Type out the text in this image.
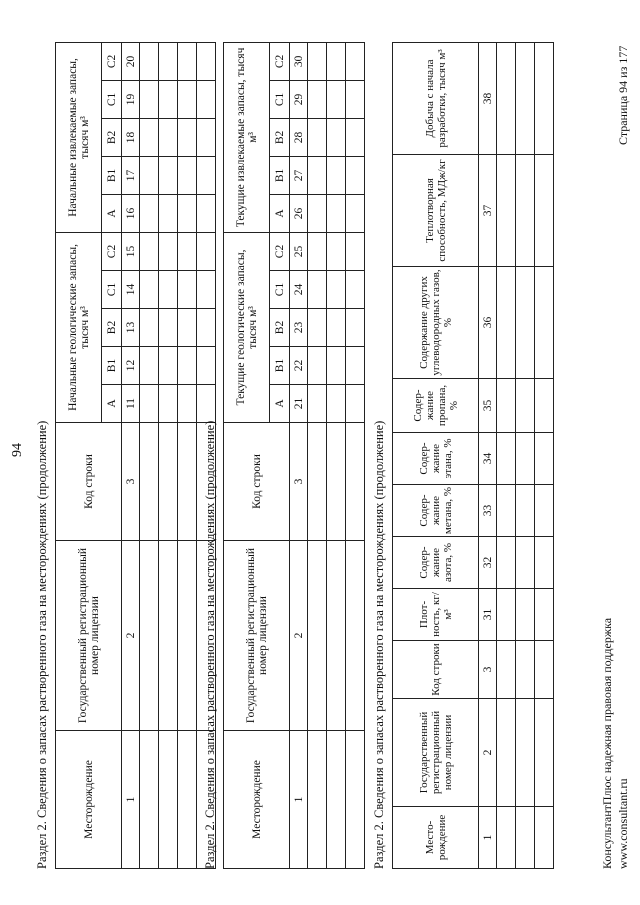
94 Раздел 2. Сведения о запасах растворенного газа на месторождениях (продолжение)	Месторождение	Государственный регистрационный номер лицензии	Код строки	Начальные геологические запасы, тысяч м³					Начальные извлекаемые запасы, тысяч м³				
			А	В1	В2	С1	С2	А	В1	В2	С1	С2
1	2	3	11	12	13	14	15	16	17	18	19	20

Раздел 2. Сведения о запасах растворенного газа на месторождениях (продолжение)	Месторождение	Государственный регистрационный номер лицензии	Код строки	Текущие геологические запасы, тысяч м³					Текущие извлекаемые запасы, тысяч м³				
			А	В1	В2	С1	С2	А	В1	В2	С1	С2
1	2	3	21	22	23	24	25	26	27	28	29	30

Раздел 2. Сведения о запасах растворенного газа на месторождениях (продолжение)	Место-рождение	Государственный регистрационный номер лицензии	Код строки	Плот-ность, кг/м³	Содер-жание азота, %	Содер-жание метана, %	Содер-жание этана, %	Содер-жание пропана, %	Содержание других углеводородных газов, %	Теплотворная способность, МДж/кг	Добыча с начала разработки, тысяч м³
1	2	3	31	32	33	34	35	36	37	38

КонсультантПлюс надежная правовая поддержка www.consultant.ru
Страница 94 из 177
